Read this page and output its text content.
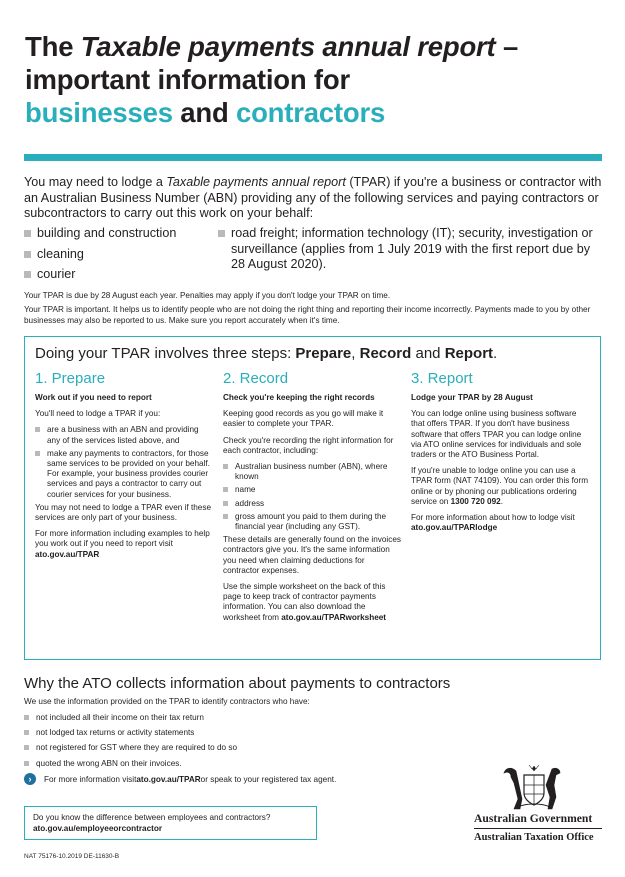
The Taxable payments annual report – important information for
businesses and contractors
You may need to lodge a Taxable payments annual report (TPAR) if you're a business or contractor with an Australian Business Number (ABN) providing any of the following services and paying contractors or subcontractors to carry out this work on your behalf:
building and construction
cleaning
courier
road freight; information technology (IT); security, investigation or surveillance (applies from 1 July 2019 with the first report due by 28 August 2020).
Your TPAR is due by 28 August each year. Penalties may apply if you don't lodge your TPAR on time.
Your TPAR is important. It helps us to identify people who are not doing the right thing and reporting their income incorrectly. Payments made to you by other businesses may also be reported to us. Make sure you report accurately when it's time.
Doing your TPAR involves three steps: Prepare, Record and Report.
1. Prepare
Work out if you need to report

You'll need to lodge a TPAR if you:

are a business with an ABN and providing any of the services listed above, and
make any payments to contractors, for those same services to be provided on your behalf. For example, your business provides courier services and pays a contractor to carry out courier services for your business.

You may not need to lodge a TPAR even if these services are only part of your business.

For more information including examples to help you work out if you need to report visit ato.gov.au/TPAR

2. Record
Check you're keeping the right records

Keeping good records as you go will make it easier to complete your TPAR.

Check you're recording the right information for each contractor, including:

Australian business number (ABN), where known
name
address
gross amount you paid to them during the financial year (including any GST).

These details are generally found on the invoices contractors give you. It's the same information you need when claiming deductions for contractor expenses.

Use the simple worksheet on the back of this page to keep track of contractor payments information. You can also download the worksheet from ato.gov.au/TPARworksheet

3. Report
Lodge your TPAR by 28 August

You can lodge online using business software that offers TPAR. If you don't have business software that offers TPAR you can lodge online via ATO online services for individuals and sole traders or the ATO Business Portal.

If you're unable to lodge online you can use a TPAR form (NAT 74109). You can order this form online or by phoning our publications ordering service on 1300 720 092.

For more information about how to lodge visit ato.gov.au/TPARlodge

Why the ATO collects information about payments to contractors
We use the information provided on the TPAR to identify contractors who have:
not included all their income on their tax return
not lodged tax returns or activity statements
not registered for GST where they are required to do so
quoted the wrong ABN on their invoices.
›	For more information visit ato.gov.au/TPAR or speak to your registered tax agent.
Do you know the difference between employees and contractors?
ato.gov.au/employeeorcontractor
Australian Government
Australian Taxation Office
NAT 75176-10.2019 DE-11630-B
